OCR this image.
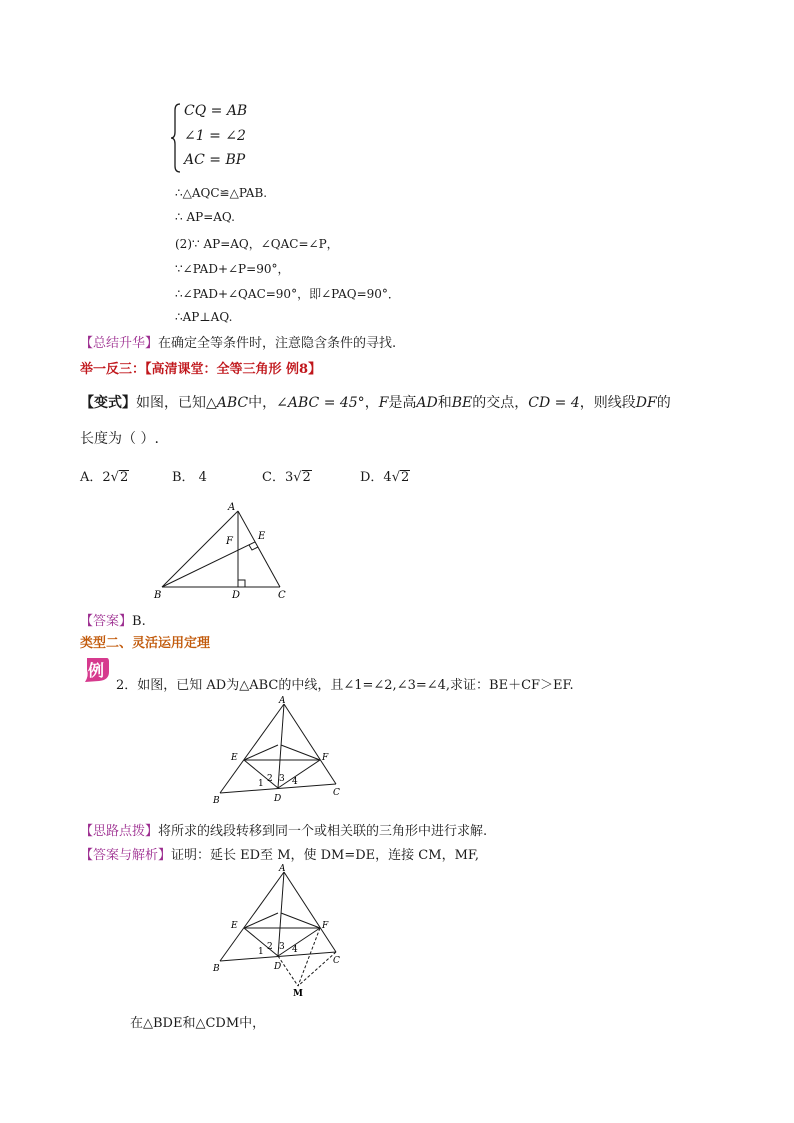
CQ = AB
∠1 = ∠2
AC = BP
∴△AQC≌△PAB.
∴ AP=AQ.
(2)∵ AP=AQ，∠QAC=∠P，
∵∠PAD+∠P=90°，
∴∠PAD+∠QAC=90°，即∠PAQ=90°．
∴AP⊥AQ.
【总结升华】在确定全等条件时，注意隐含条件的寻找.
举一反三：【高清课堂：全等三角形 例8】
【变式】如图，已知△ABC中，∠ABC = 45°，F是高AD和BE的交点，CD = 4，则线段DF的
长度为（ ）.
A．2√2	B． 4	C．3√2	D．4√2
A
B	C
D
E
F
【答案】B.
类型二、灵活运用定理
例
2．如图，已知 AD为△ABC的中线，且∠1=∠2,∠3=∠4,求证：BE＋CF＞EF.
A
B
C
D
E	F
1 2 3 4
【思路点拨】将所求的线段转移到同一个或相关联的三角形中进行求解.
【答案与解析】证明：延长 ED至 M，使 DM=DE，连接 CM，MF,
A
B
C
D
E	F
1 2 3 4
M
在△BDE和△CDM中，
